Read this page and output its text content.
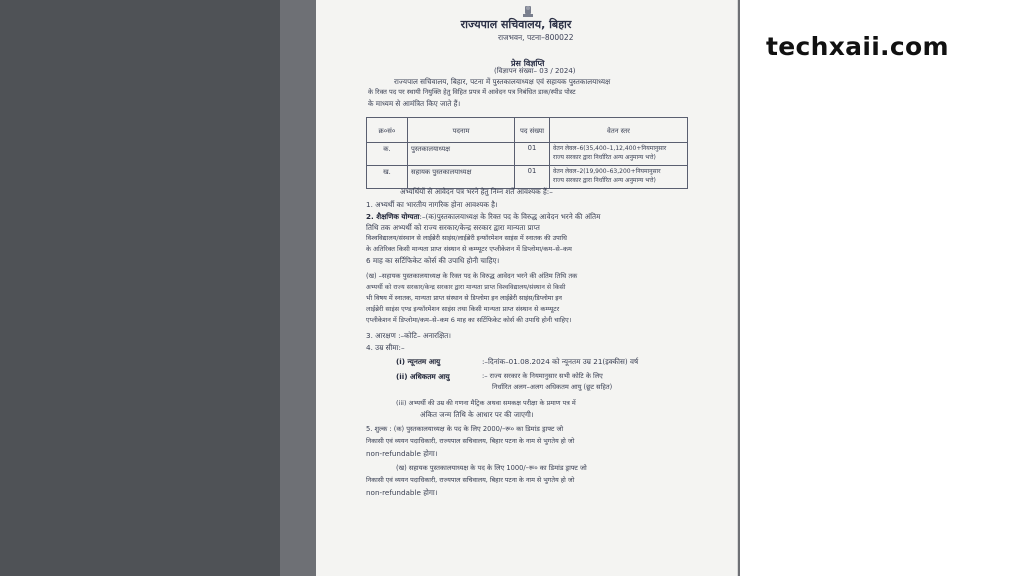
राज्यपाल सचिवालय, बिहार
राजभवन, पटना–800022
प्रेस विज्ञप्ति
(विज्ञापन संख्या– 03 / 2024)
राज्यपाल सचिवालय, बिहार, पटना में पुस्तकालयाध्यक्ष एवं सहायक पुस्तकालयाध्यक्ष
के रिक्त पद पर स्थायी नियुक्ति हेतु विहित प्रपत्र में आवेदन पत्र निबंधित डाक/स्पीड पोस्ट
के माध्यम से आमंत्रित किए जाते हैं।
क्र०सं०	पदनाम	पद संख्या	वेतन स्तर
क.	पुस्तकालयाध्यक्ष	01	वेतन लेवल–6(35,400–1,12,400+नियमानुसार
राज्य सरकार द्वारा निर्धारित अन्य अनुमान्य भत्ते)
ख.	सहायक पुस्तकालयाध्यक्ष	01	वेतन लेवल–2(19,900–63,200+नियमानुसार
राज्य सरकार द्वारा निर्धारित अन्य अनुमान्य भत्ते)
अभ्यर्थियों से आवेदन पत्र भरने हेतु निम्न शर्तें आवश्यक हैं:–
1. अभ्यर्थी का भारतीय नागरिक होना आवश्यक है।
2. शैक्षणिक योग्यता:–(क)पुस्तकालयाध्यक्ष के रिक्त पद के विरुद्ध आवेदन भरने की अंतिम
तिथि तक अभ्यर्थी को राज्य सरकार/केन्द्र सरकार द्वारा मान्यता प्राप्त
विश्वविद्यालय/संस्थान से लाईब्रेरी साइंस/लाईब्रेरी इन्फॉरमेशन साइंस में स्नातक की उपाधि
के अतिरिक्त किसी मान्यता प्राप्त संस्थान से कम्प्यूटर एप्लीकेशन में डिप्लोमा/कम–से–कम
6 माह का सर्टिफिकेट कोर्स की उपाधि होनी चाहिए।
(ख) –सहायक पुस्तकालयाध्यक्ष के रिक्त पद के विरुद्ध आवेदन भरने की अंतिम तिथि तक
अभ्यर्थी को राज्य सरकार/केन्द्र सरकार द्वारा मान्यता प्राप्त विश्वविद्यालय/संस्थान से किसी
भी विषय में स्नातक, मान्यता प्राप्त संस्थान से डिप्लोमा इन लाईब्रेरी साइंस/डिप्लोमा इन
लाईब्रेरी साइंस एण्ड इन्फॉरमेशन साइंस तथा किसी मान्यता प्राप्त संस्थान से कम्प्यूटर
एप्लीकेशन में डिप्लोमा/कम–से–कम 6 माह का सर्टिफिकेट कोर्स की उपाधि होनी चाहिए।
3. आरक्षण :–कोटि– अनारक्षित।
4. उम्र सीमा:–
(i) न्यूनतम आयु	:–दिनांक–01.08.2024 को न्यूनतम उम्र 21(इक्कीस) वर्ष
(ii) अधिकतम आयु	:– राज्य सरकार के नियमानुसार सभी कोटि के लिए
निर्धारित अलग–अलग अधिकतम आयु (छूट सहित)
(iii) अभ्यर्थी की उम्र की गणना मैट्रिक अथवा समकक्ष परीक्षा के प्रमाण पत्र में
अंकित जन्म तिथि के आधार पर की जाएगी।
5. शुल्क : (क) पुस्तकालयाध्यक्ष के पद के लिए 2000/–रू० का डिमांड ड्राफ्ट जो
निकासी एवं व्ययन पदाधिकारी, राज्यपाल सचिवालय, बिहार पटना के नाम से भुगतेय हो जो
non-refundable होगा।
(ख) सहायक पुस्तकालयाध्यक्ष के पद के लिए 1000/–रू० का डिमांड ड्राफ्ट जो
निकासी एवं व्ययन पदाधिकारी, राज्यपाल सचिवालय, बिहार पटना के नाम से भुगतेय हो जो
non-refundable होगा।
techxaii.com
